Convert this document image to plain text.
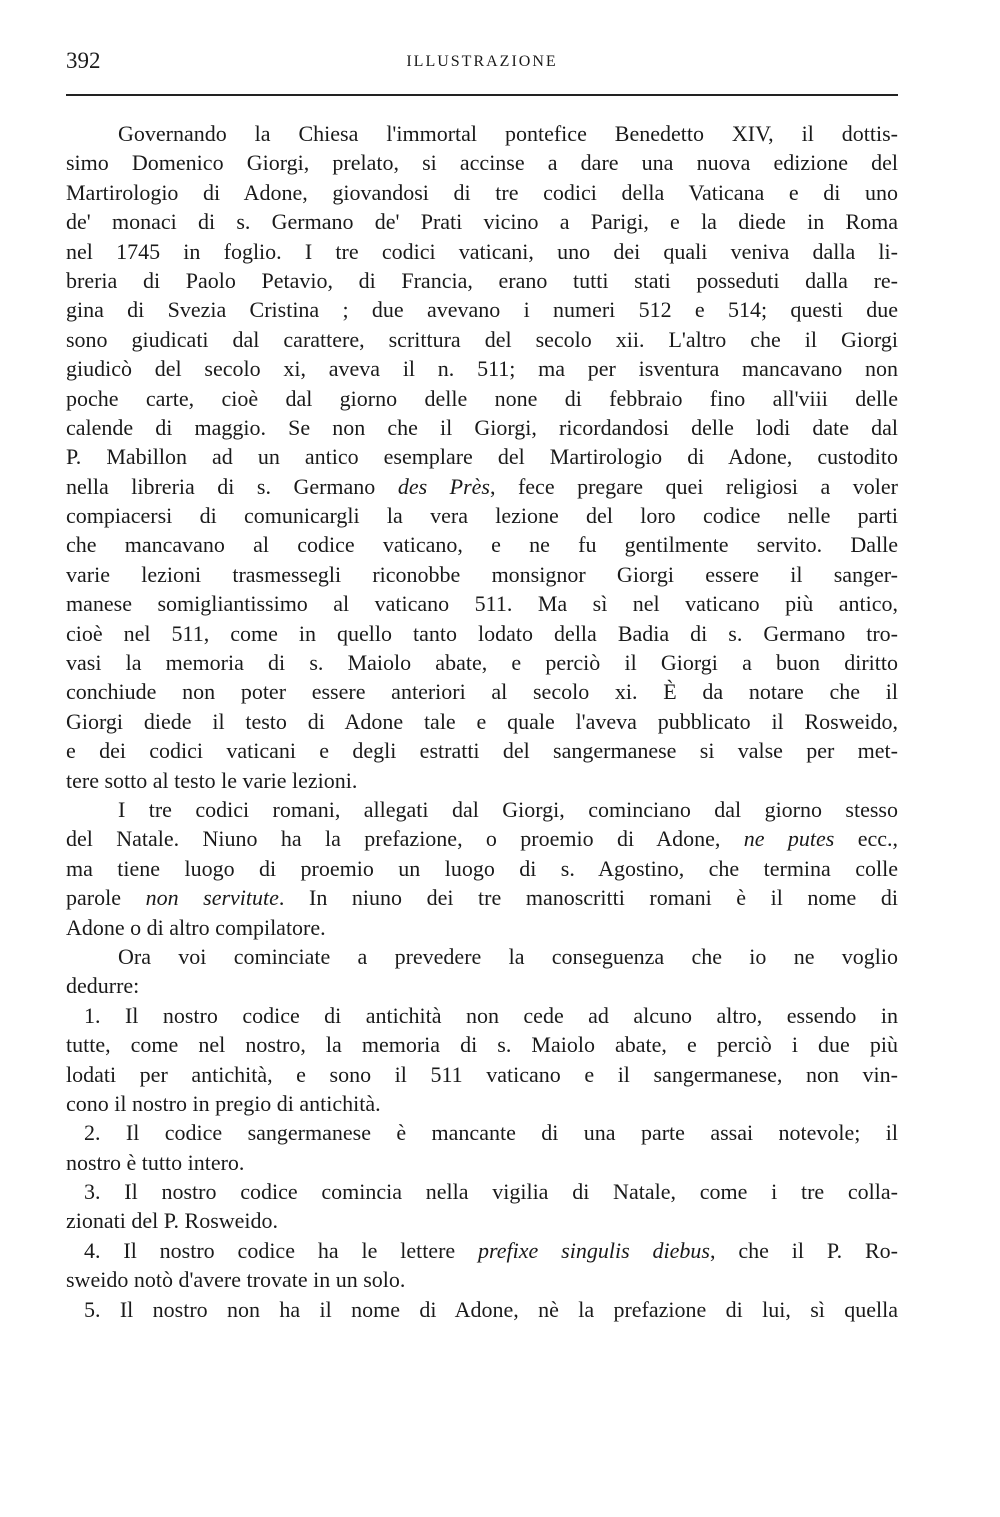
392	ILLUSTRAZIONE
Governando la Chiesa l'immortal pontefice Benedetto XIV, il dottis-
simo Domenico Giorgi, prelato, si accinse a dare una nuova edizione del
Martirologio di Adone, giovandosi di tre codici della Vaticana e di uno
de' monaci di s. Germano de' Prati vicino a Parigi, e la diede in Roma
nel 1745 in foglio. I tre codici vaticani, uno dei quali veniva dalla li-
breria di Paolo Petavio, di Francia, erano tutti stati posseduti dalla re-
gina di Svezia Cristina ; due avevano i numeri 512 e 514; questi due
sono giudicati dal carattere, scrittura del secolo xii. L'altro che il Giorgi
giudicò del secolo xi, aveva il n. 511; ma per isventura mancavano non
poche carte, cioè dal giorno delle none di febbraio fino all'viii delle
calende di maggio. Se non che il Giorgi, ricordandosi delle lodi date dal
P. Mabillon ad un antico esemplare del Martirologio di Adone, custodito
nella libreria di s. Germano des Près, fece pregare quei religiosi a voler
compiacersi di comunicargli la vera lezione del loro codice nelle parti
che mancavano al codice vaticano, e ne fu gentilmente servito. Dalle
varie lezioni trasmessegli riconobbe monsignor Giorgi essere il sanger-
manese somigliantissimo al vaticano 511. Ma sì nel vaticano più antico,
cioè nel 511, come in quello tanto lodato della Badia di s. Germano tro-
vasi la memoria di s. Maiolo abate, e perciò il Giorgi a buon diritto
conchiude non poter essere anteriori al secolo xi. È da notare che il
Giorgi diede il testo di Adone tale e quale l'aveva pubblicato il Rosweido,
e dei codici vaticani e degli estratti del sangermanese si valse per met-
tere sotto al testo le varie lezioni.
I tre codici romani, allegati dal Giorgi, cominciano dal giorno stesso
del Natale. Niuno ha la prefazione, o proemio di Adone, ne putes ecc.,
ma tiene luogo di proemio un luogo di s. Agostino, che termina colle
parole non servitute. In niuno dei tre manoscritti romani è il nome di
Adone o di altro compilatore.
Ora voi cominciate a prevedere la conseguenza che io ne voglio
dedurre:
1. Il nostro codice di antichità non cede ad alcuno altro, essendo in
tutte, come nel nostro, la memoria di s. Maiolo abate, e perciò i due più
lodati per antichità, e sono il 511 vaticano e il sangermanese, non vin-
cono il nostro in pregio di antichità.
2. Il codice sangermanese è mancante di una parte assai notevole; il
nostro è tutto intero.
3. Il nostro codice comincia nella vigilia di Natale, come i tre colla-
zionati del P. Rosweido.
4. Il nostro codice ha le lettere prefixe singulis diebus, che il P. Ro-
sweido notò d'avere trovate in un solo.
5. Il nostro non ha il nome di Adone, nè la prefazione di lui, sì quella
